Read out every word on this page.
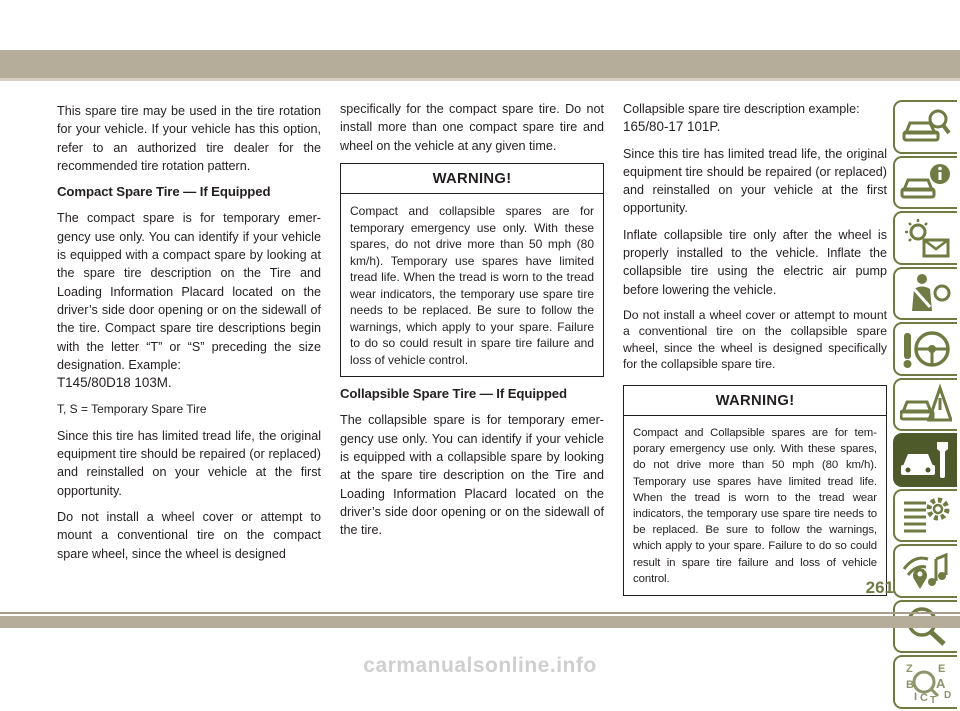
This spare tire may be used in the tire rotation for your vehicle. If your vehicle has this option, refer to an authorized tire dealer for the recommended tire rotation pattern.

Compact Spare Tire — If Equipped

The compact spare is for temporary emergency use only. You can identify if your vehicle is equipped with a compact spare by looking at the spare tire description on the Tire and Loading Information Placard located on the driver’s side door opening or on the sidewall of the tire. Compact spare tire descriptions begin with the letter “T” or “S” preceding the size designation. Example:

T145/80D18 103M.

T, S = Temporary Spare Tire

Since this tire has limited tread life, the original equipment tire should be repaired (or replaced) and reinstalled on your vehicle at the first opportunity.

Do not install a wheel cover or attempt to mount a conventional tire on the compact spare wheel, since the wheel is designed

specifically for the compact spare tire. Do not install more than one compact spare tire and wheel on the vehicle at any given time.

WARNING!
Compact and collapsible spares are for temporary emergency use only. With these spares, do not drive more than 50 mph (80 km/h). Temporary use spares have limited tread life. When the tread is worn to the tread wear indicators, the temporary use spare tire needs to be replaced. Be sure to follow the warnings, which apply to your spare. Failure to do so could result in spare tire failure and loss of vehicle control.
Collapsible Spare Tire — If Equipped

The collapsible spare is for temporary emergency use only. You can identify if your vehicle is equipped with a collapsible spare by looking at the spare tire description on the Tire and Loading Information Placard located on the driver’s side door opening or on the sidewall of the tire.

Collapsible spare tire description example:

165/80-17 101P.

Since this tire has limited tread life, the original equipment tire should be repaired (or replaced) and reinstalled on your vehicle at the first opportunity.

Inflate collapsible tire only after the wheel is properly installed to the vehicle. Inflate the collapsible tire using the electric air pump before lowering the vehicle.

Do not install a wheel cover or attempt to mount a conventional tire on the collapsible spare wheel, since the wheel is designed specifically for the collapsible spare tire.

WARNING!
Compact and Collapsible spares are for temporary emergency use only. With these spares, do not drive more than 50 mph (80 km/h). Temporary use spares have limited tread life. When the tread is worn to the tread wear indicators, the temporary use spare tire needs to be replaced. Be sure to follow the warnings, which apply to your spare. Failure to do so could result in spare tire failure and loss of vehicle control.
Z E
B A
I C D
T
261
carmanualsonline.info
